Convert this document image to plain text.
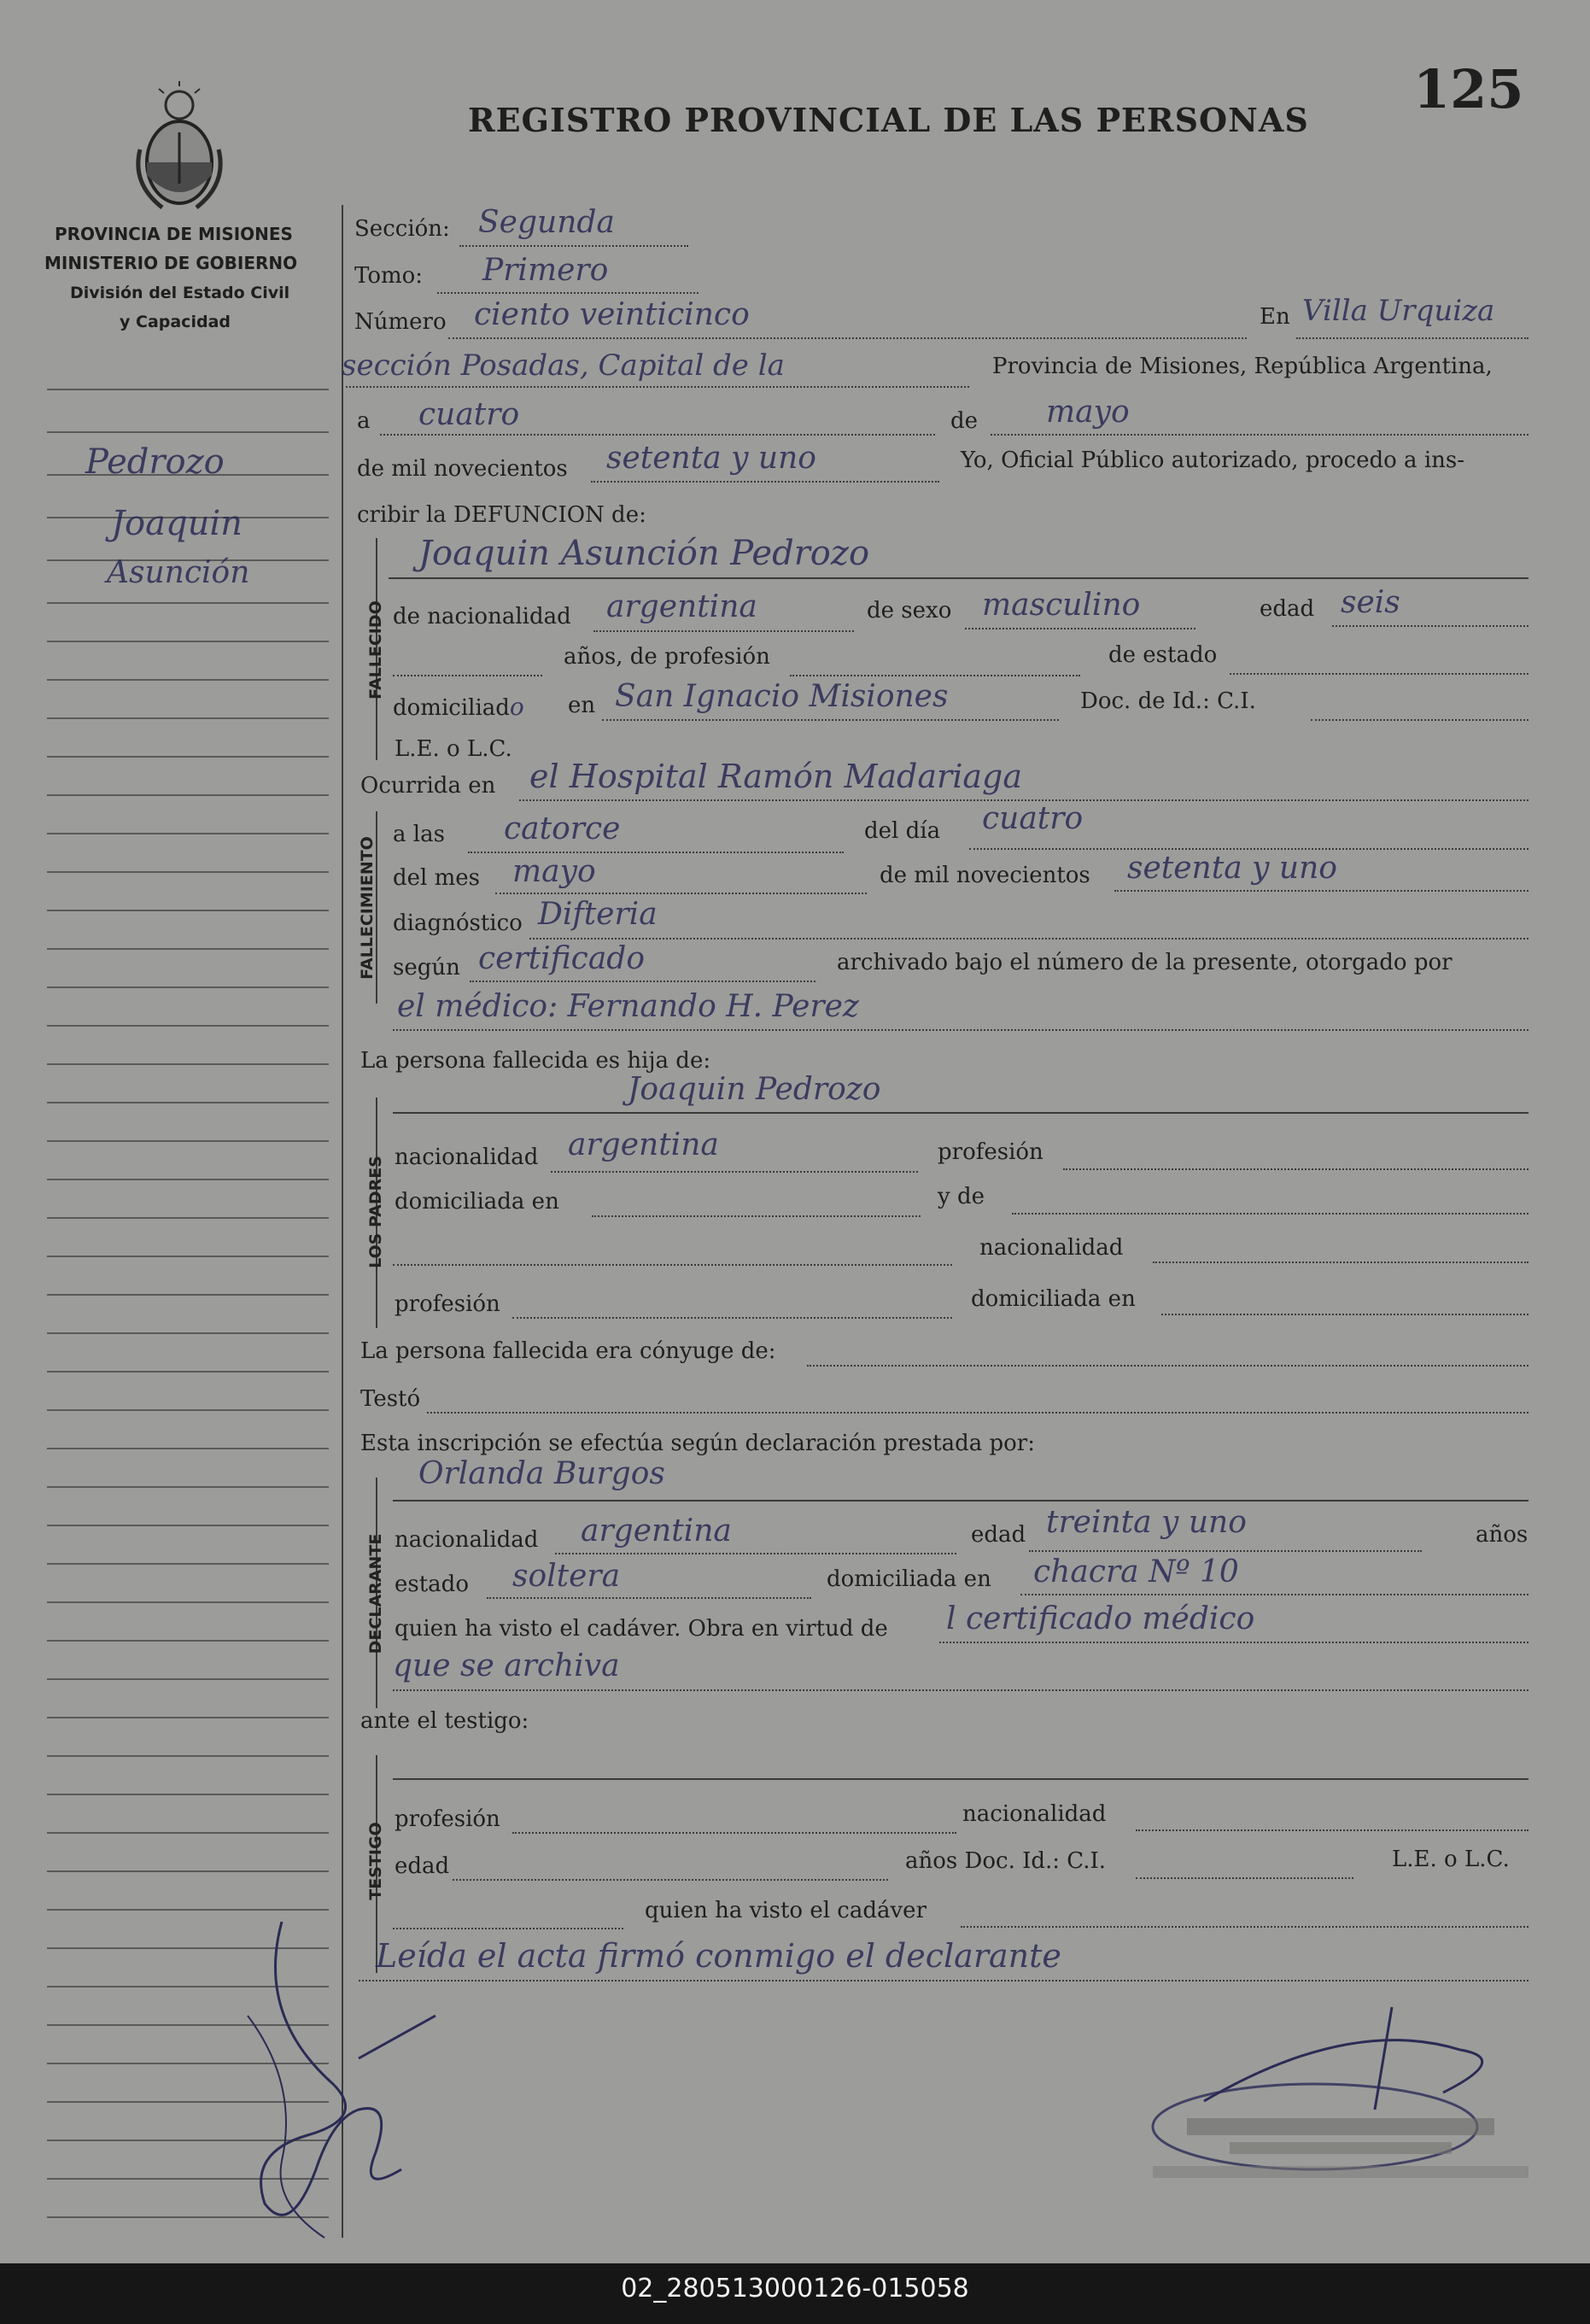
REGISTRO PROVINCIAL DE LAS PERSONAS 125
PROVINCIA DE MISIONES
MINISTERIO DE GOBIERNO
División del Estado Civil
y Capacidad
Pedrozo
Joaquin
Asunción
Sección: Segunda
Tomo: Primero
Número ciento veinticinco	En Villa Urquiza
sección Posadas, Capital de la	Provincia de Misiones, República Argentina,
a cuatro	de mayo
de mil novecientos setenta y uno	Yo, Oficial Público autorizado, procedo a ins-
cribir la DEFUNCION de:
FALLECIDO
Joaquin Asunción Pedrozo
de nacionalidad argentina	de sexo masculino	edad seis
años, de profesión	de estado
domiciliado en San Ignacio Misiones	Doc. de Id.: C.I.
L.E. o L.C.
Ocurrida en el Hospital Ramón Madariaga
FALLECIMIENTO
a las catorce	del día cuatro
del mes mayo	de mil novecientos setenta y uno
diagnóstico Difteria
según certificado	archivado bajo el número de la presente, otorgado por
el médico: Fernando H. Perez
La persona fallecida es hija de:
LOS PADRES
Joaquin Pedrozo
nacionalidad argentina	profesión
domiciliada en	y de
nacionalidad
profesión	domiciliada en
La persona fallecida era cónyuge de:
Testó
Esta inscripción se efectúa según declaración prestada por:
DECLARANTE
Orlanda Burgos
nacionalidad argentina	edad treinta y uno	años
estado soltera	domiciliada en chacra Nº 10
quien ha visto el cadáver. Obra en virtud de l certificado médico
que se archiva
ante el testigo:
TESTIGO
profesión	nacionalidad
edad	años Doc. Id.: C.I.	L.E. o L.C.
quien ha visto el cadáver
Leída el acta firmó conmigo el declarante
02_280513000126-015058
